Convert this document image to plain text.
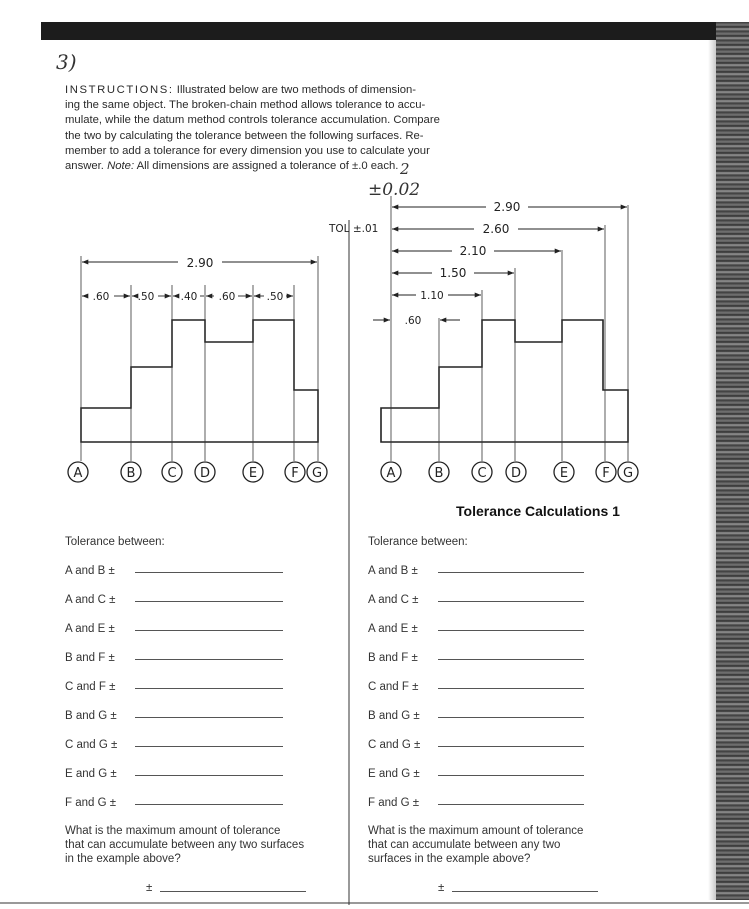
3)
2
±0.02
INSTRUCTIONS: Illustrated below are two methods of dimension-
ing the same object. The broken-chain method allows tolerance to accu-
mulate, while the datum method controls tolerance accumulation. Compare
the two by calculating the tolerance between the following surfaces. Re-
member to add a tolerance for every dimension you use to calculate your
answer. Note: All dimensions are assigned a tolerance of ±.0 each.
2.90
.60	.50	.40 .60	.50
A	B C D	E	F G
TOL ±.01
2.90
2.60
2.10
1.50
1.10
.60
A	B	C D	E	F G
Tolerance Calculations 1
Tolerance between:
A and B ±
A and C ±
A and E ±
B and F ±
C and F ±
B and G ±
C and G ±
E and G ±
F and G ±
What is the maximum amount of tolerance
that can accumulate between any two surfaces
in the example above?
±
Tolerance between:
A and B ±
A and C ±
A and E ±
B and F ±
C and F ±
B and G ±
C and G ±
E and G ±
F and G ±
What is the maximum amount of tolerance
that can accumulate between any two
surfaces in the example above?
±
